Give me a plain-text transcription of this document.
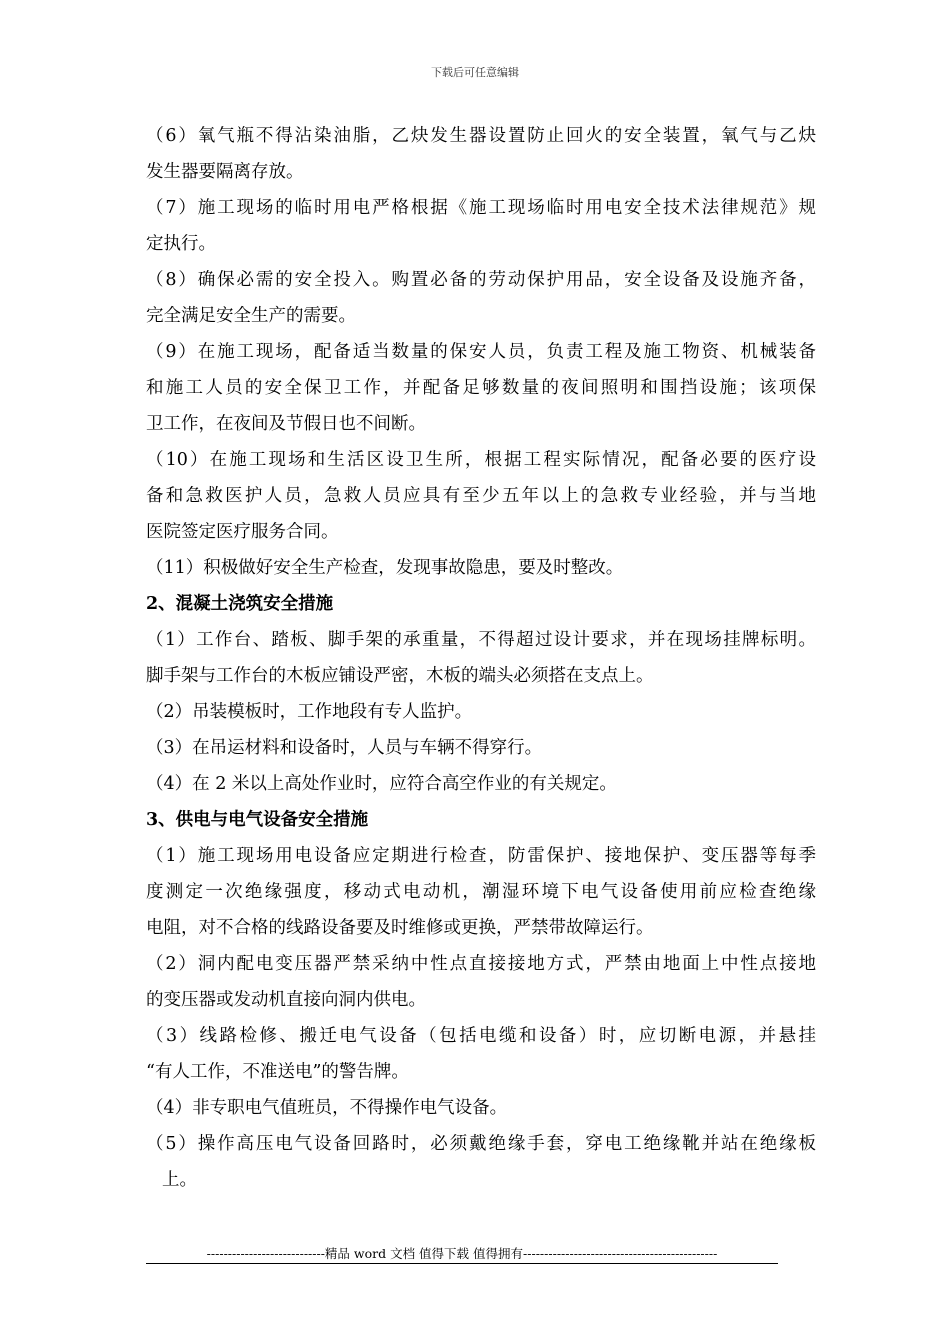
下载后可任意编辑
（6）氧气瓶不得沾染油脂，乙炔发生器设置防止回火的安全装置，氧气与乙炔
发生器要隔离存放。
（7）施工现场的临时用电严格根据《施工现场临时用电安全技术法律规范》规
定执行。
（8）确保必需的安全投入。购置必备的劳动保护用品，安全设备及设施齐备，
完全满足安全生产的需要。
（9）在施工现场，配备适当数量的保安人员，负责工程及施工物资、机械装备
和施工人员的安全保卫工作，并配备足够数量的夜间照明和围挡设施；该项保
卫工作，在夜间及节假日也不间断。
（10）在施工现场和生活区设卫生所，根据工程实际情况，配备必要的医疗设
备和急救医护人员，急救人员应具有至少五年以上的急救专业经验，并与当地
医院签定医疗服务合同。
（11）积极做好安全生产检查，发现事故隐患，要及时整改。
2、混凝土浇筑安全措施
（1）工作台、踏板、脚手架的承重量，不得超过设计要求，并在现场挂牌标明。
脚手架与工作台的木板应铺设严密，木板的端头必须搭在支点上。
（2）吊装模板时，工作地段有专人监护。
（3）在吊运材料和设备时，人员与车辆不得穿行。
（4）在 2 米以上高处作业时，应符合高空作业的有关规定。
3、供电与电气设备安全措施
（1）施工现场用电设备应定期进行检查，防雷保护、接地保护、变压器等每季
度测定一次绝缘强度，移动式电动机，潮湿环境下电气设备使用前应检查绝缘
电阻，对不合格的线路设备要及时维修或更换，严禁带故障运行。
（2）洞内配电变压器严禁采纳中性点直接接地方式，严禁由地面上中性点接地
的变压器或发动机直接向洞内供电。
（3）线路检修、搬迁电气设备（包括电缆和设备）时，应切断电源，并悬挂
“有人工作，不准送电”的警告牌。
（4）非专职电气值班员，不得操作电气设备。
（5）操作高压电气设备回路时，必须戴绝缘手套，穿电工绝缘靴并站在绝缘板
上。
----------------------------精品 word 文档 值得下载 值得拥有----------------------------------------------
